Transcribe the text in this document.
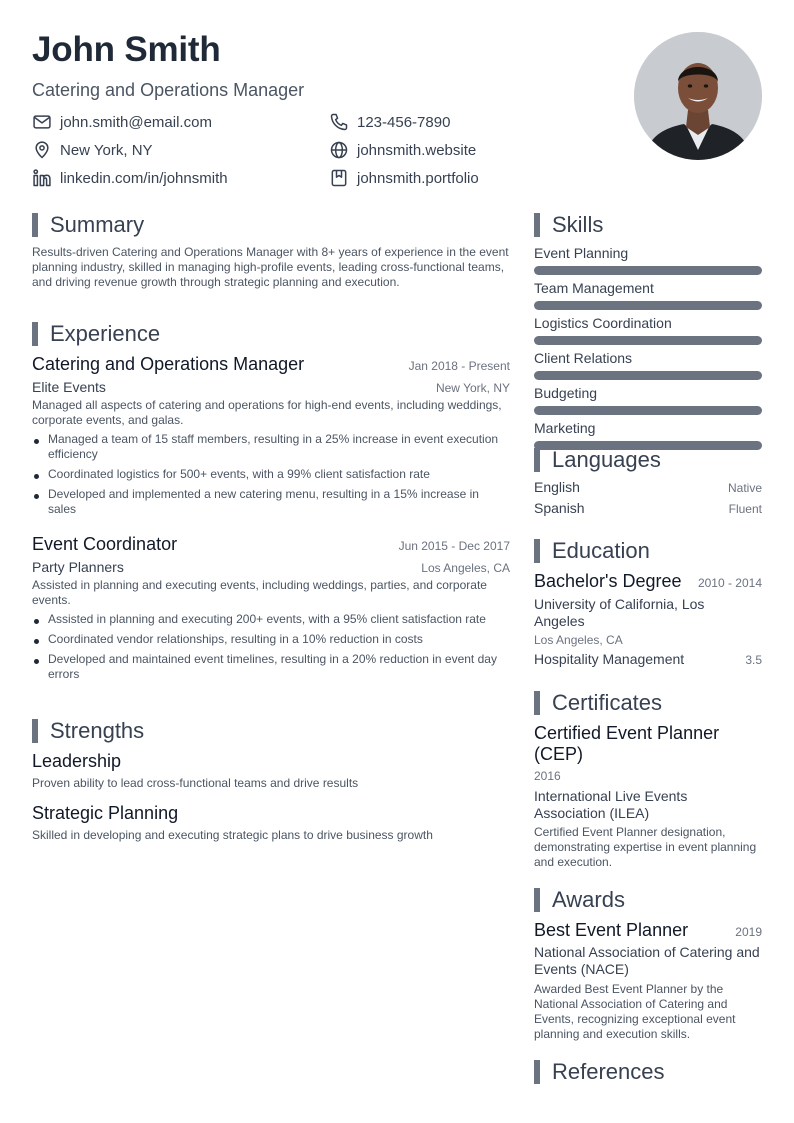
John Smith
Catering and Operations Manager
john.smith@email.com	123-456-7890
New York, NY	johnsmith.website
linkedin.com/in/johnsmith	johnsmith.portfolio
Summary
Results-driven Catering and Operations Manager with 8+ years of experience in the event planning industry, skilled in managing high-profile events, leading cross-functional teams, and driving revenue growth through strategic planning and execution.
Experience
Catering and Operations Manager	Jan 2018 - Present
Elite Events	New York, NY
Managed all aspects of catering and operations for high-end events, including weddings, corporate events, and galas.
Managed a team of 15 staff members, resulting in a 25% increase in event execution efficiency
Coordinated logistics for 500+ events, with a 99% client satisfaction rate
Developed and implemented a new catering menu, resulting in a 15% increase in sales
Event Coordinator	Jun 2015 - Dec 2017
Party Planners	Los Angeles, CA
Assisted in planning and executing events, including weddings, parties, and corporate events.
Assisted in planning and executing 200+ events, with a 95% client satisfaction rate
Coordinated vendor relationships, resulting in a 10% reduction in costs
Developed and maintained event timelines, resulting in a 20% reduction in event day errors
Strengths
Leadership
Proven ability to lead cross-functional teams and drive results
Strategic Planning
Skilled in developing and executing strategic plans to drive business growth
Skills
Event Planning
Team Management
Logistics Coordination
Client Relations
Budgeting
Marketing
Languages
English	Native
Spanish	Fluent
Education
Bachelor's Degree 2010 - 2014
University of California, Los Angeles
Los Angeles, CA
Hospitality Management	3.5
Certificates
Certified Event Planner (CEP)
2016
International Live Events Association (ILEA)
Certified Event Planner designation, demonstrating expertise in event planning and execution.
Awards
Best Event Planner	2019
National Association of Catering and Events (NACE)
Awarded Best Event Planner by the National Association of Catering and Events, recognizing exceptional event planning and execution skills.
References
